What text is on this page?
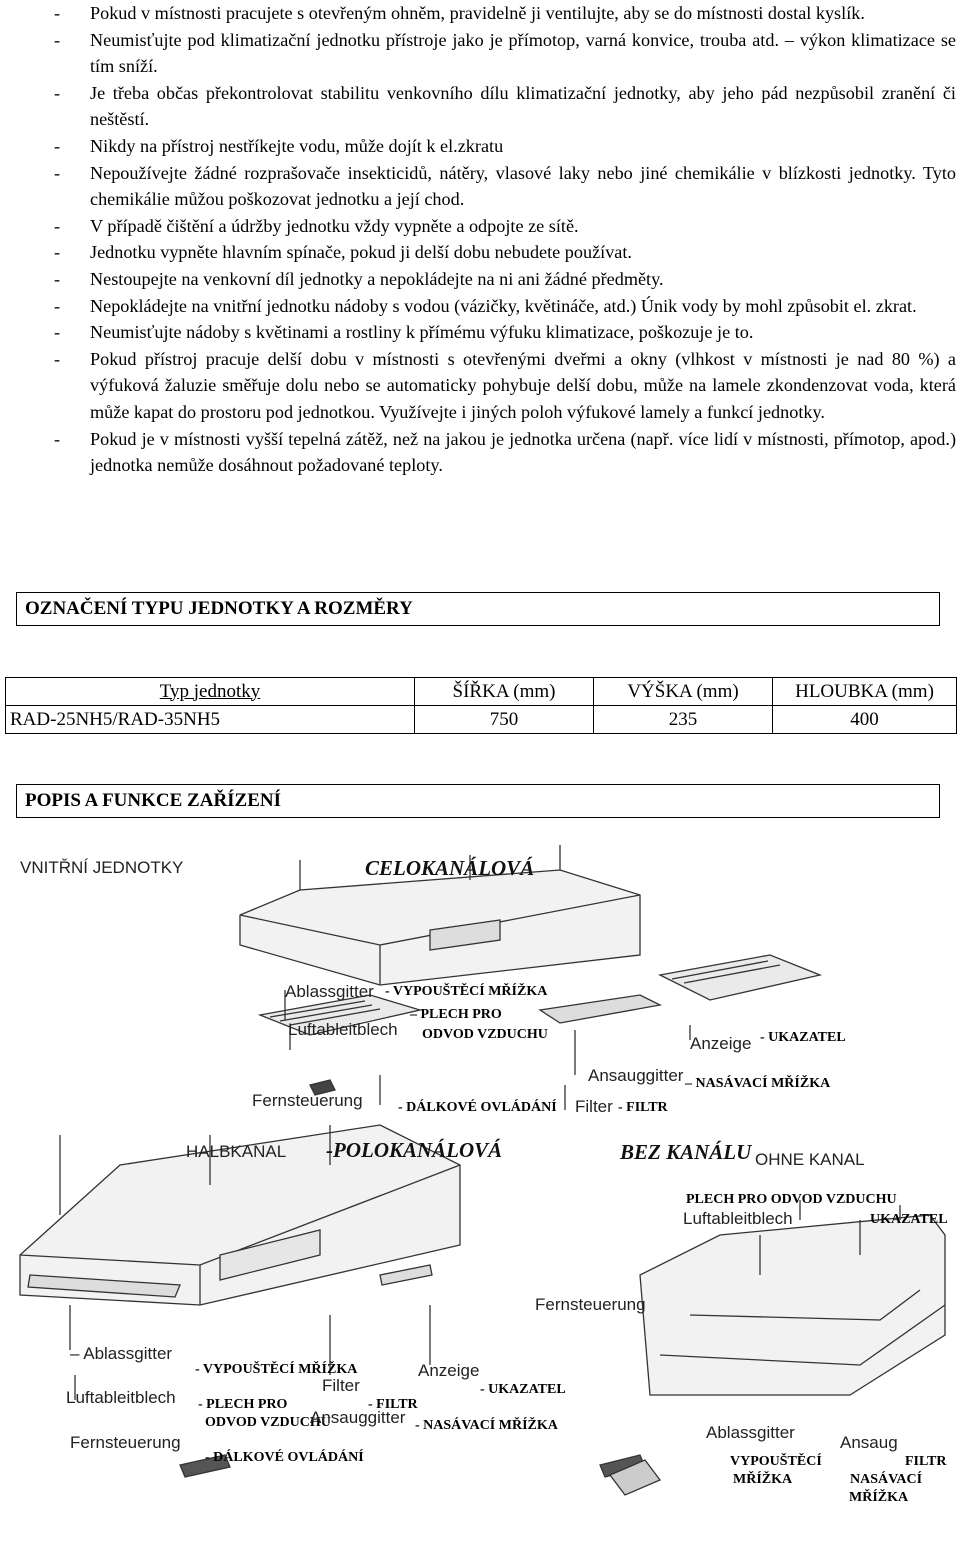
- Pokud v místnosti pracujete s otevřeným ohněm, pravidelně ji ventilujte, aby se do místnosti dostal kyslík.
- Neumisťujte pod klimatizační jednotku přístroje jako je přímotop, varná konvice, trouba atd. – výkon klimatizace se tím sníží.
- Je třeba občas překontrolovat stabilitu venkovního dílu klimatizační jednotky, aby jeho pád nezpůsobil zranění či neštěstí.
- Nikdy na přístroj nestříkejte vodu, může dojít k el.zkratu
- Nepoužívejte žádné rozprašovače insekticidů, nátěry, vlasové laky nebo jiné chemikálie v blízkosti jednotky. Tyto chemikálie můžou poškozovat jednotku a její chod.
- V případě čištění a údržby jednotku vždy vypněte a odpojte ze sítě.
- Jednotku vypněte hlavním spínače, pokud ji delší dobu nebudete používat.
- Nestoupejte na venkovní díl jednotky a nepokládejte na ni ani žádné předměty.
- Nepokládejte na vnitřní jednotku nádoby s vodou (vázičky, květináče, atd.) Únik vody by mohl způsobit el. zkrat.
- Neumisťujte nádoby s květinami a rostliny k přímému výfuku klimatizace, poškozuje je to.
- Pokud přístroj pracuje delší dobu v místnosti s otevřenými dveřmi a okny (vlhkost v místnosti je nad 80 %) a výfuková žaluzie směřuje dolu nebo se automaticky pohybuje delší dobu, může na lamele zkondenzovat voda, která může kapat do prostoru pod jednotkou. Využívejte i jiných poloh výfukové lamely a funkcí jednotky.
- Pokud je v místnosti vyšší tepelná zátěž, než na jakou je jednotka určena (např. více lidí v místnosti, přímotop, apod.) jednotka nemůže dosáhnout požadované teploty.
OZNAČENÍ TYPU JEDNOTKY A ROZMĚRY
Typ jednotky	ŠÍŘKA (mm)	VÝŠKA (mm)	HLOUBKA (mm)
RAD-25NH5/RAD-35NH5	750	235	400
POPIS A FUNKCE ZAŘÍZENÍ
VNITŘNÍ JEDNOTKY	CELOKANÁLOVÁ
Ablassgitter - VYPOUŠTĚCÍ MŘÍŽKA
– PLECH PRO
ODVOD VZDUCHU
Luftableitblech
Anzeige - UKAZATEL
Ansauggitter – NASÁVACÍ MŘÍŽKA
Fernsteuerung	- DÁLKOVÉ OVLÁDÁNÍ Filter - FILTR
HALBKANAL -POLOKANÁLOVÁ
– Ablassgitter
- VYPOUŠTĚCÍ MŘÍŽKA	Anzeige
Luftableitblech
Filter	- UKAZATEL
- PLECH PRO
ODVOD VZDUCHU
- FILTR
Ansauggitter - NASÁVACÍ MŘÍŽKA
Fernsteuerung
- DÁLKOVÉ OVLÁDÁNÍ
BEZ KANÁLU OHNE KANAL
PLECH PRO ODVOD VZDUCHU
Luftableitblech	UKAZATEL
Fernsteuerung
Ablassgitter
Ansaug
VYPOUŠTĚCÍ
MŘÍŽKA
FILTR
NASÁVACÍ
MŘÍŽKA
